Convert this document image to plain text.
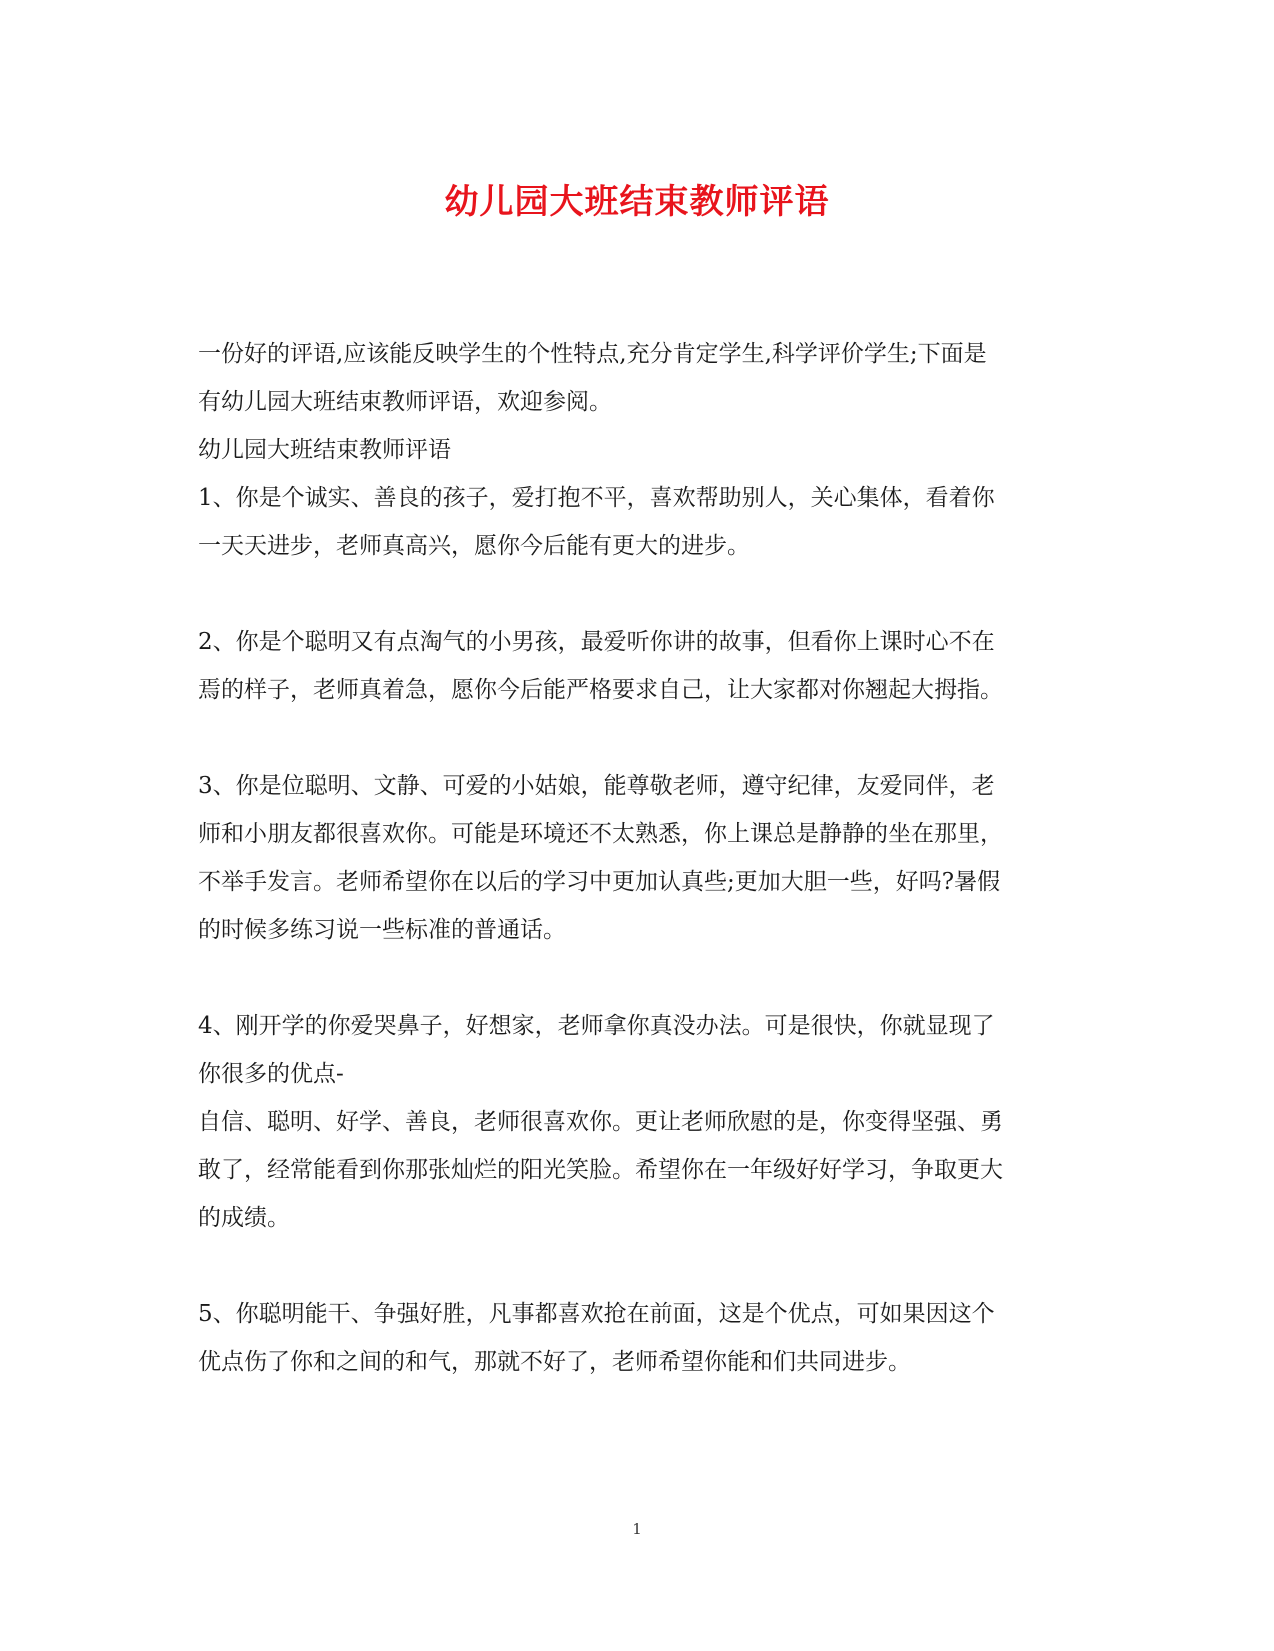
幼儿园大班结束教师评语
一份好的评语,应该能反映学生的个性特点,充分肯定学生,科学评价学生;下面是
有幼儿园大班结束教师评语，欢迎参阅。
幼儿园大班结束教师评语
1、你是个诚实、善良的孩子，爱打抱不平，喜欢帮助别人，关心集体，看着你
一天天进步，老师真高兴，愿你今后能有更大的进步。
2、你是个聪明又有点淘气的小男孩，最爱听你讲的故事，但看你上课时心不在
焉的样子，老师真着急，愿你今后能严格要求自己，让大家都对你翘起大拇指。
3、你是位聪明、文静、可爱的小姑娘，能尊敬老师，遵守纪律，友爱同伴，老
师和小朋友都很喜欢你。可能是环境还不太熟悉，你上课总是静静的坐在那里，
不举手发言。老师希望你在以后的学习中更加认真些;更加大胆一些，好吗?暑假
的时候多练习说一些标准的普通话。
4、刚开学的你爱哭鼻子，好想家，老师拿你真没办法。可是很快，你就显现了
你很多的优点-
自信、聪明、好学、善良，老师很喜欢你。更让老师欣慰的是，你变得坚强、勇
敢了，经常能看到你那张灿烂的阳光笑脸。希望你在一年级好好学习，争取更大
的成绩。
5、你聪明能干、争强好胜，凡事都喜欢抢在前面，这是个优点，可如果因这个
优点伤了你和之间的和气，那就不好了，老师希望你能和们共同进步。
1
